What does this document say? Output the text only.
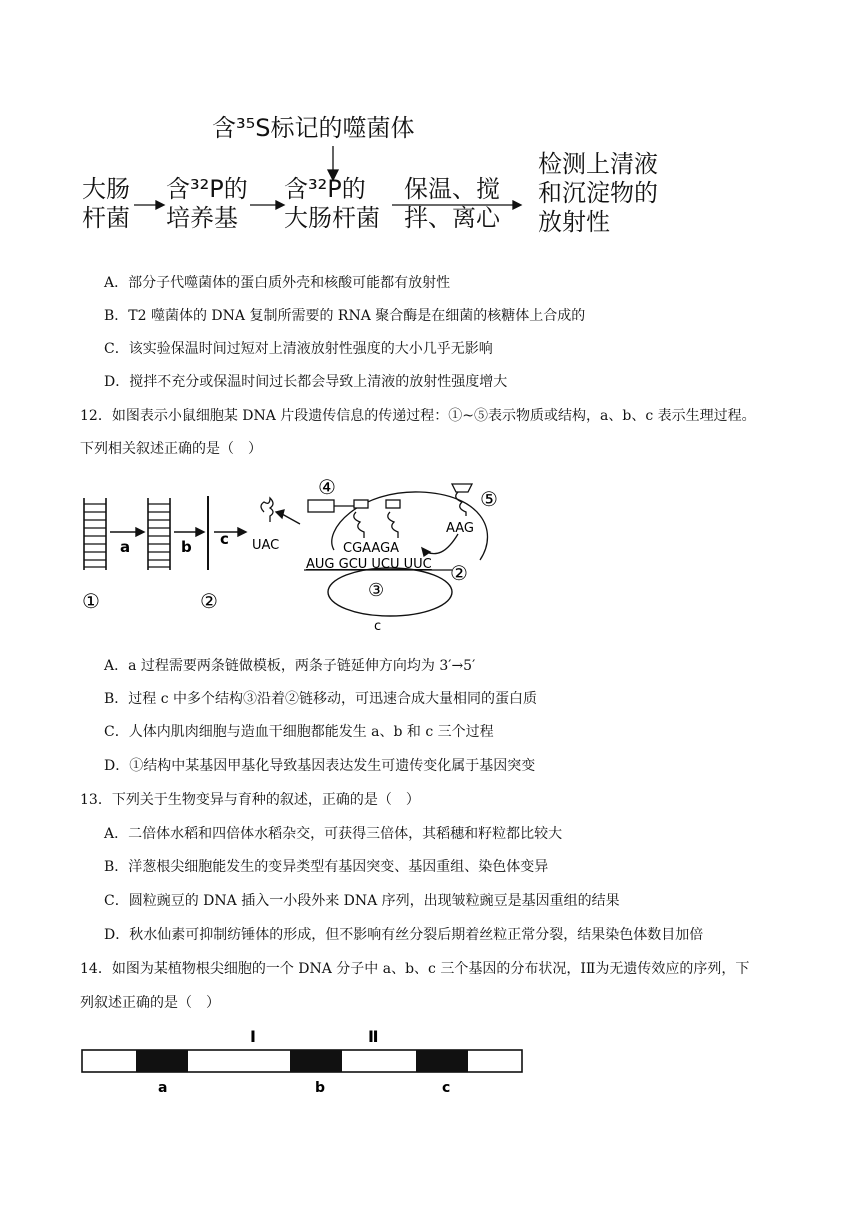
含³⁵S标记的噬菌体
大肠
杆菌
含³²P的
培养基
含³²P的
大肠杆菌
保温、搅
拌、离心
检测上清液
和沉淀物的
放射性
A．部分子代噬菌体的蛋白质外壳和核酸可能都有放射性
B．T2 噬菌体的 DNA 复制所需要的 RNA 聚合酶是在细菌的核糖体上合成的
C．该实验保温时间过短对上清液放射性强度的大小几乎无影响
D．搅拌不充分或保温时间过长都会导致上清液的放射性强度增大
12．如图表示小鼠细胞某 DNA 片段遗传信息的传递过程：①~⑤表示物质或结构，a、b、c 表示生理过程。
下列相关叙述正确的是（　）
a	b c
①	②
UAC
③
④
CGAAGA
AAG
⑤
AUG GCU UCU UUC ②
c
A．a 过程需要两条链做模板，两条子链延伸方向均为 3′→5′
B．过程 c 中多个结构③沿着②链移动，可迅速合成大量相同的蛋白质
C．人体内肌肉细胞与造血干细胞都能发生 a、b 和 c 三个过程
D．①结构中某基因甲基化导致基因表达发生可遗传变化属于基因突变
13．下列关于生物变异与育种的叙述，正确的是（　）
A．二倍体水稻和四倍体水稻杂交，可获得三倍体，其稻穗和籽粒都比较大
B．洋葱根尖细胞能发生的变异类型有基因突变、基因重组、染色体变异
C．圆粒豌豆的 DNA 插入一小段外来 DNA 序列，出现皱粒豌豆是基因重组的结果
D．秋水仙素可抑制纺锤体的形成，但不影响有丝分裂后期着丝粒正常分裂，结果染色体数目加倍
14．如图为某植物根尖细胞的一个 DNA 分子中 a、b、c 三个基因的分布状况，IⅡ为无遗传效应的序列，下
列叙述正确的是（　）
I	Ⅱ
a	b	c
